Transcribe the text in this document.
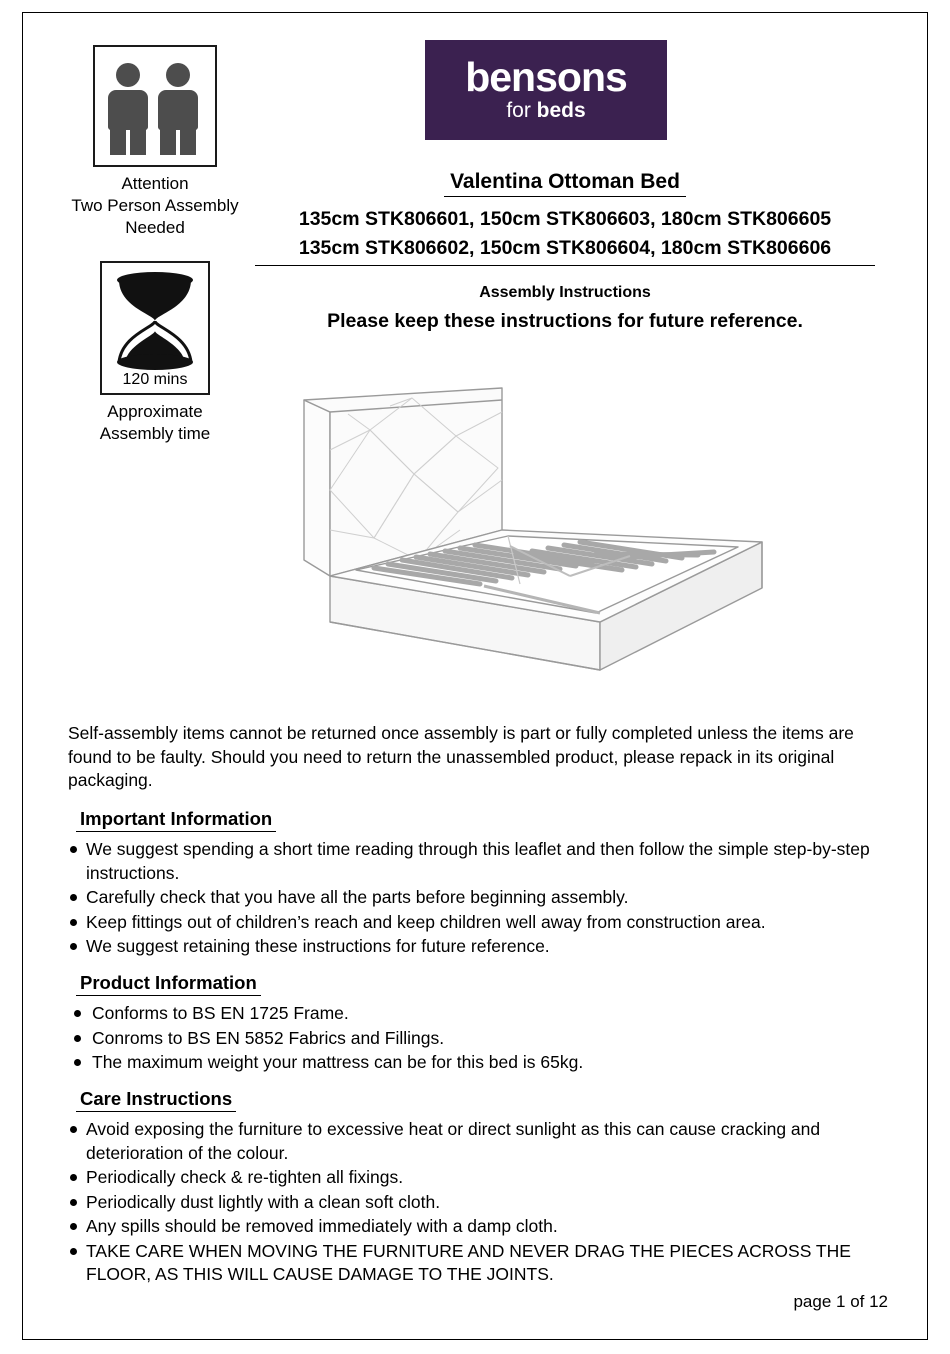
Attention
Two Person Assembly
Needed
120 mins
Approximate
Assembly time
bensons
for beds
Valentina Ottoman Bed
135cm STK806601, 150cm STK806603, 180cm STK806605
135cm STK806602, 150cm STK806604, 180cm STK806606
Assembly Instructions
Please keep these instructions for future reference.

Self-assembly items cannot be returned once assembly is part or fully completed unless the items are found to be faulty. Should you need to return the unassembled product, please repack in its original packaging.

Important Information
We suggest spending a short time reading through this leaflet and then follow the simple step-by-step instructions.
Carefully check that you have all the parts before beginning assembly.
Keep fittings out of children’s reach and keep children well away from construction area.
We suggest retaining these instructions for future reference.
Product Information
Conforms to BS EN 1725 Frame.
Conroms to BS EN 5852 Fabrics and Fillings.
The maximum weight your mattress can be for this bed is 65kg.
Care Instructions
Avoid exposing the furniture to excessive heat or direct sunlight as this can cause cracking and deterioration of the colour.
Periodically check & re-tighten all fixings.
Periodically dust lightly with a clean soft cloth.
Any spills should be removed immediately with a damp cloth.
TAKE CARE WHEN MOVING THE FURNITURE AND NEVER DRAG THE PIECES ACROSS THE FLOOR, AS THIS WILL CAUSE DAMAGE TO THE JOINTS.
page 1 of 12
